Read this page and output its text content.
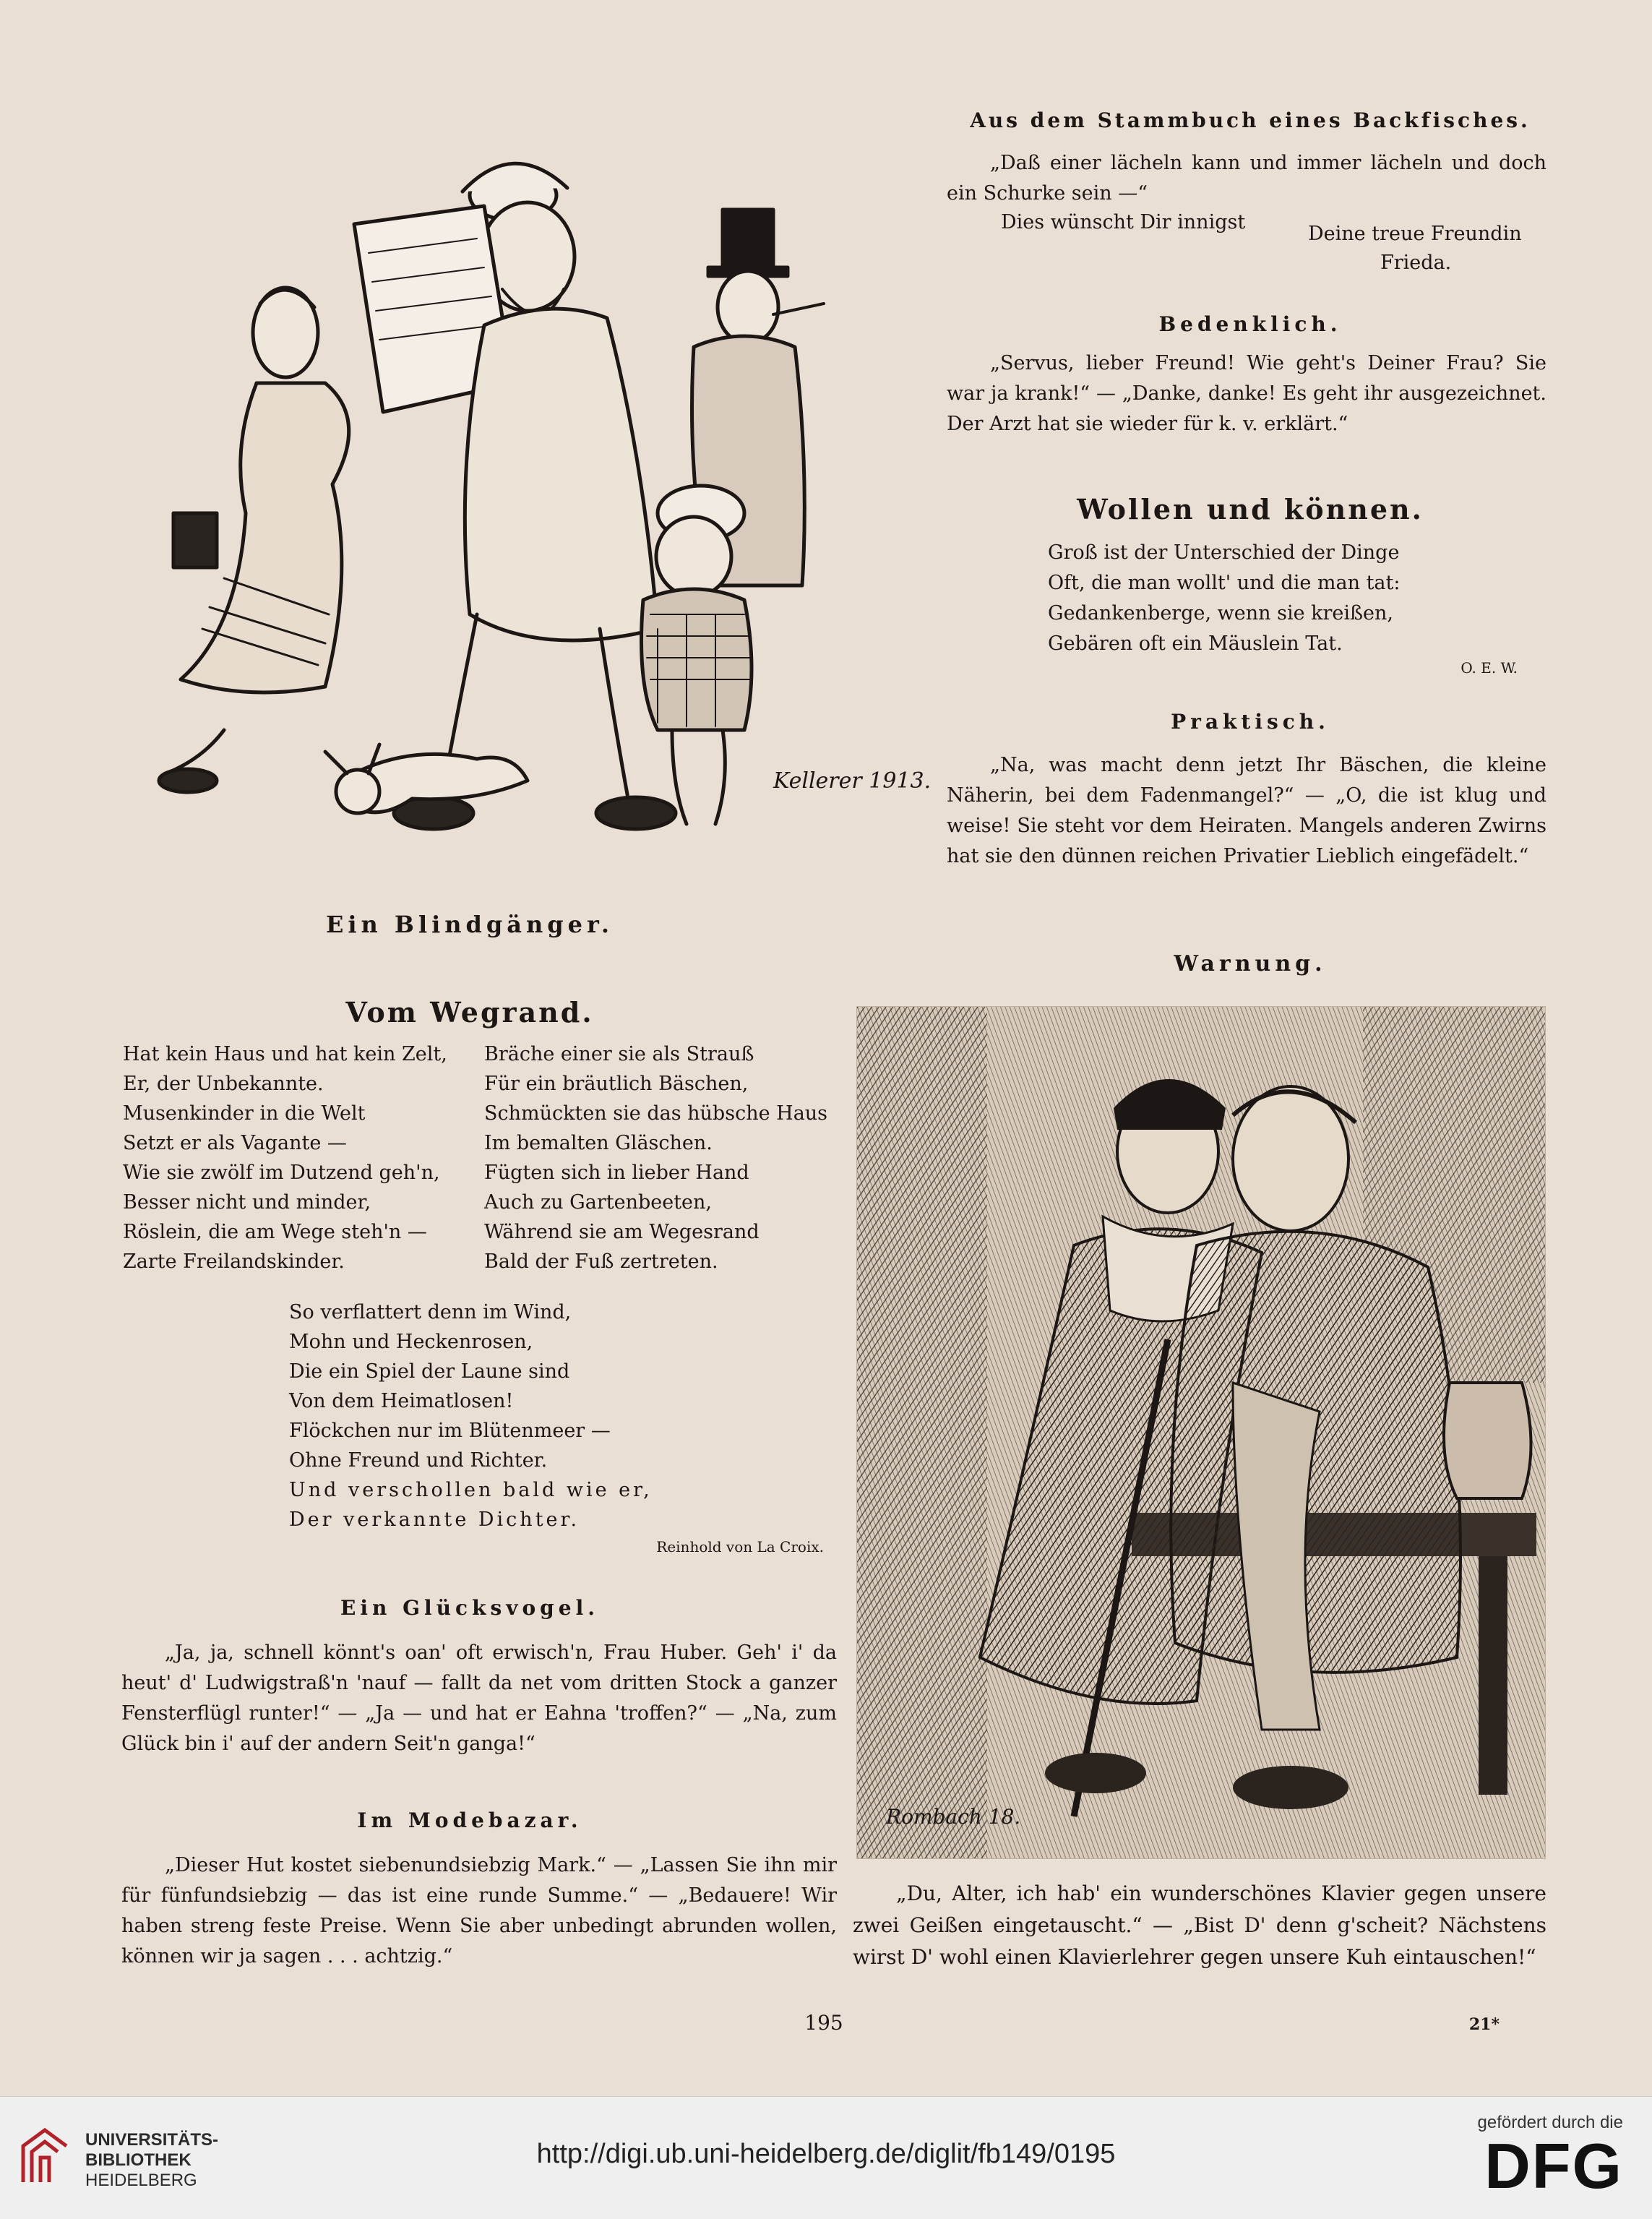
Kellerer 1913.
Ein Blindgänger.
Vom Wegrand.
Hat kein Haus und hat kein Zelt,
Er, der Unbekannte.
Musenkinder in die Welt
Setzt er als Vagante —
Wie sie zwölf im Dutzend geh'n,
Besser nicht und minder,
Röslein, die am Wege steh'n —
Zarte Freilandskinder.
Bräche einer sie als Strauß
Für ein bräutlich Bäschen,
Schmückten sie das hübsche Haus
Im bemalten Gläschen.
Fügten sich in lieber Hand
Auch zu Gartenbeeten,
Während sie am Wegesrand
Bald der Fuß zertreten.
So verflattert denn im Wind,
Mohn und Heckenrosen,
Die ein Spiel der Laune sind
Von dem Heimatlosen!
Flöckchen nur im Blütenmeer —
Ohne Freund und Richter.
Und verschollen bald wie er,
Der verkannte Dichter.
Reinhold von La Croix.
Ein Glücksvogel.
„Ja, ja, schnell könnt's oan' oft erwisch'n, Frau Huber. Geh' i' da heut' d' Ludwigstraß'n 'nauf — fallt da net vom dritten Stock a ganzer Fensterflügl runter!“ — „Ja — und hat er Eahna 'troffen?“ — „Na, zum Glück bin i' auf der andern Seit'n ganga!“
Im Modebazar.
„Dieser Hut kostet siebenundsiebzig Mark.“ — „Lassen Sie ihn mir für fünfundsiebzig — das ist eine runde Summe.“ — „Bedauere! Wir haben streng feste Preise. Wenn Sie aber unbedingt abrunden wollen, können wir ja sagen . . . achtzig.“
Aus dem Stammbuch eines Backfisches.
„Daß einer lächeln kann und immer lächeln und doch ein Schurke sein —“
Dies wünscht Dir innigst
Deine treue Freundin
Frieda.
Bedenklich.
„Servus, lieber Freund! Wie geht's Deiner Frau? Sie war ja krank!“ — „Danke, danke! Es geht ihr ausgezeichnet. Der Arzt hat sie wieder für k. v. erklärt.“
Wollen und können.
Groß ist der Unterschied der Dinge
Oft, die man wollt' und die man tat:
Gedankenberge, wenn sie kreißen,
Gebären oft ein Mäuslein Tat.
O. E. W.
Praktisch.
„Na, was macht denn jetzt Ihr Bäschen, die kleine Näherin, bei dem Fadenmangel?“ — „O, die ist klug und weise! Sie steht vor dem Heiraten. Mangels anderen Zwirns hat sie den dünnen reichen Privatier Lieblich eingefädelt.“
Warnung.
Rombach 18.
„Du, Alter, ich hab' ein wunderschönes Klavier gegen unsere zwei Geißen eingetauscht.“ — „Bist D' denn g'scheit? Nächstens wirst D' wohl einen Klavierlehrer gegen unsere Kuh eintauschen!“
195	21*
UNIVERSITÄTS-
BIBLIOTHEK
HEIDELBERG
http://digi.ub.uni-heidelberg.de/diglit/fb149/0195
gefördert durch die
DFG
